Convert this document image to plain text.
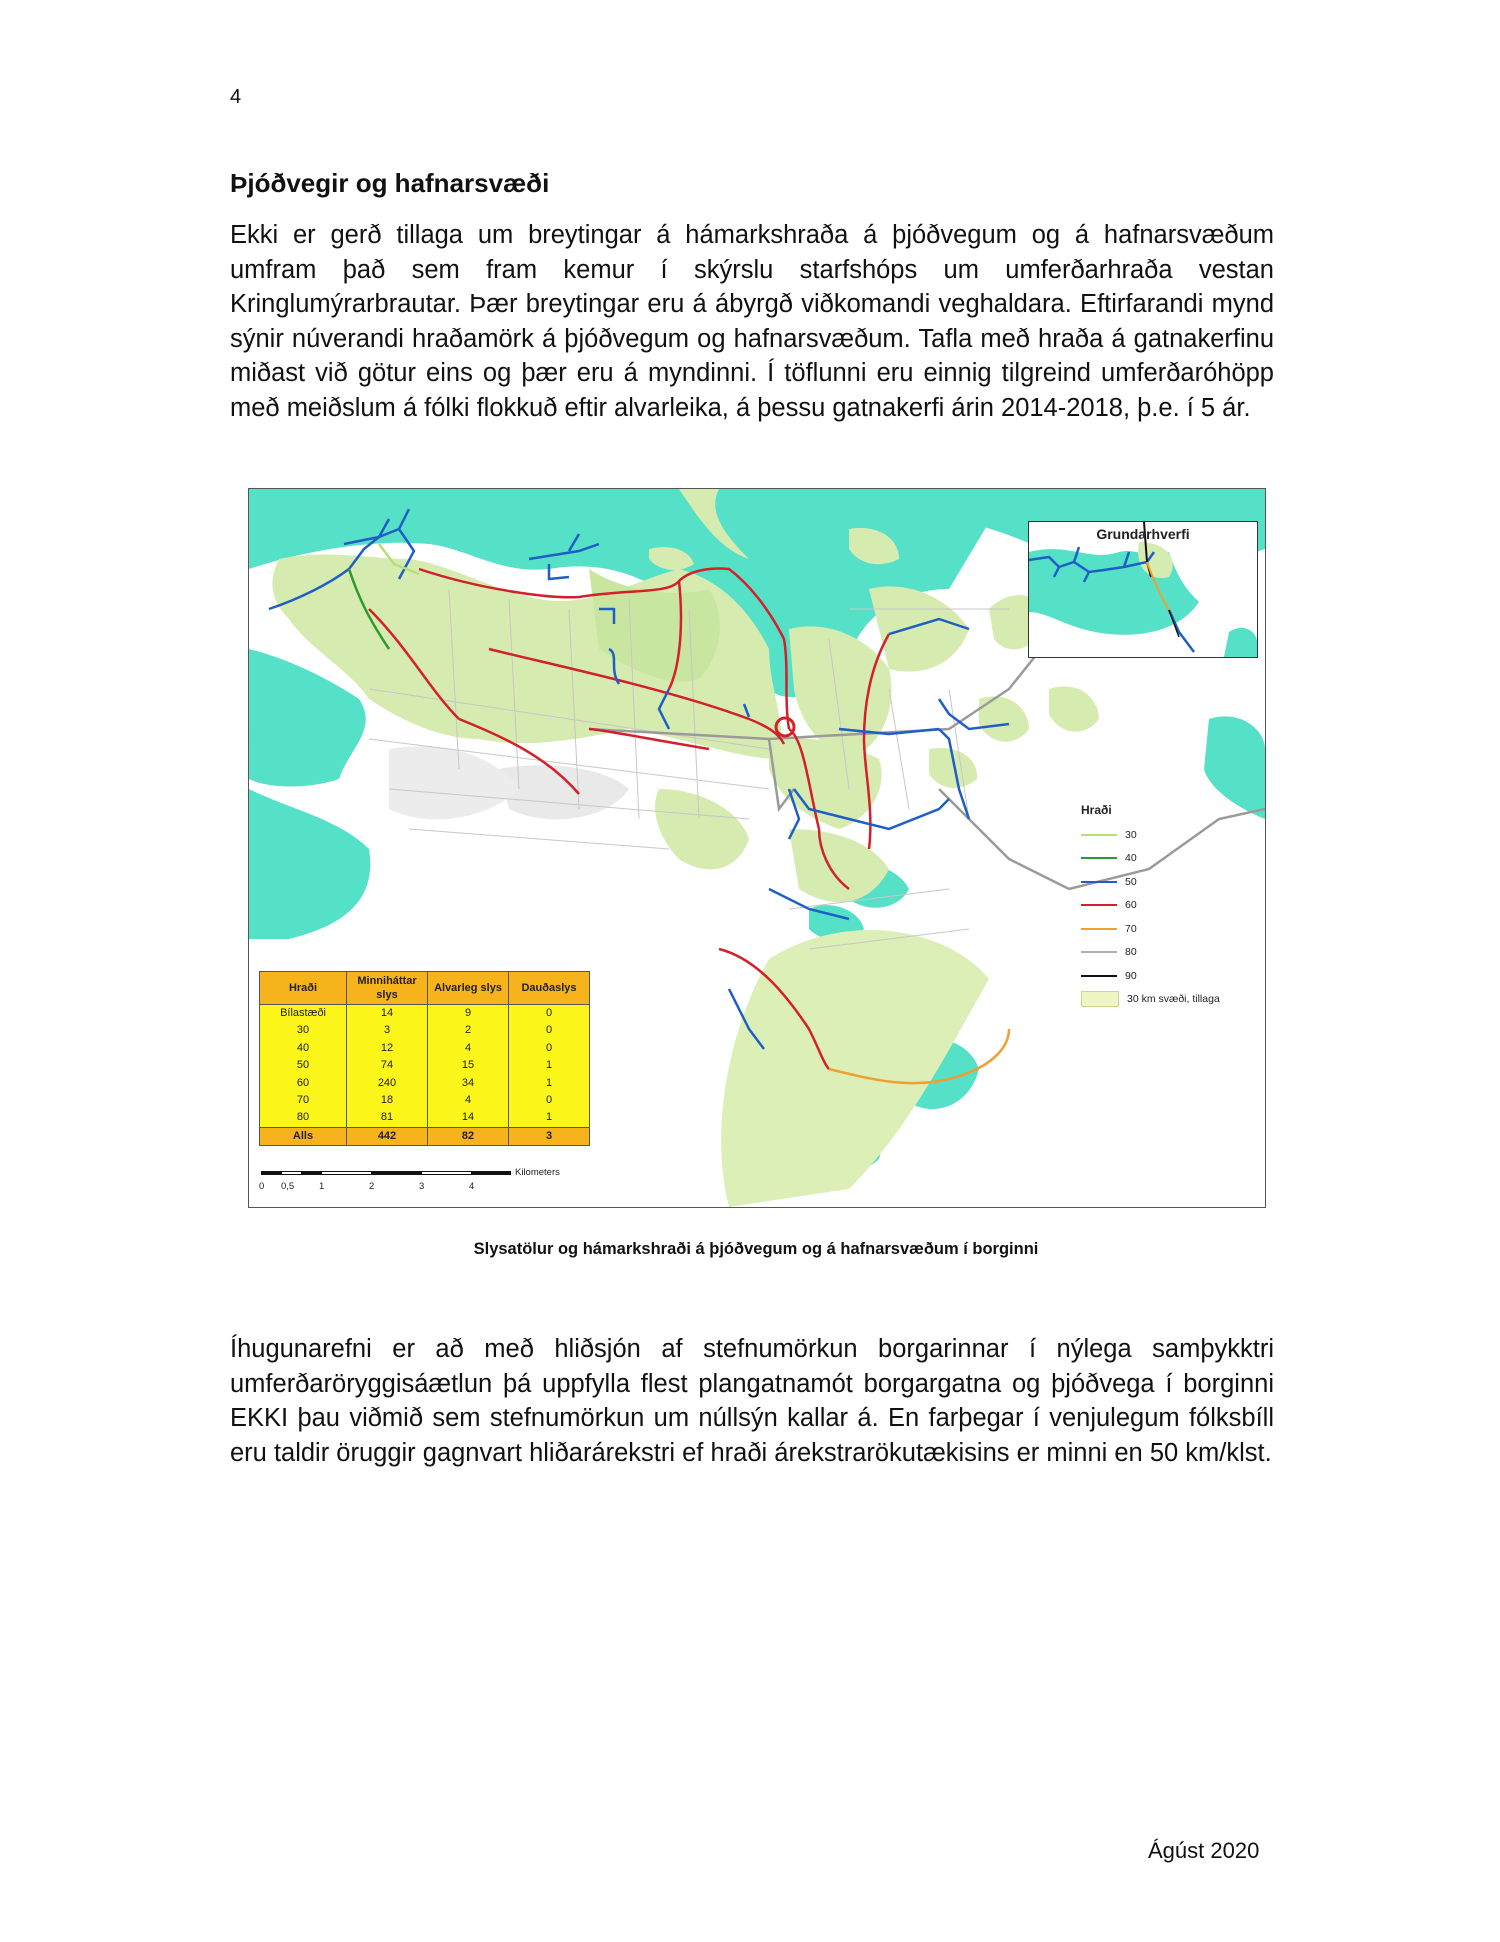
4
Þjóðvegir og hafnarsvæði

Ekki er gerð tillaga um breytingar á hámarkshraða á þjóðvegum og á hafnarsvæðum umfram það sem fram kemur í skýrslu starfshóps um umferðarhraða vestan Kringlumýrarbrautar. Þær breytingar eru á ábyrgð viðkomandi veghaldara. Eftirfarandi mynd sýnir núverandi hraðamörk á þjóðvegum og hafnarsvæðum. Tafla með hraða á gatnakerfinu miðast við götur eins og þær eru á myndinni. Í töflunni eru einnig tilgreind umferðaróhöpp með meiðslum á fólki flokkuð eftir alvarleika, á þessu gatnakerfi árin 2014-2018, þ.e. í 5 ár.

Grundarhverfi
Hraði
30
40
50
60
70
80
90
30 km svæði, tillaga
Hraði	Minniháttar slys	Alvarleg slys	Dauðaslys
Bílastæði	14	9	0
30	3	2	0
40	12	4	0
50	74	15	1
60	240	34	1
70	18	4	0
80	81	14	1
Alls	442	82	3
0 0,5	1	2	3	4
Kilometers
Slysatölur og hámarkshraði á þjóðvegum og á hafnarsvæðum í borginni

Íhugunarefni er að með hliðsjón af stefnumörkun borgarinnar í nýlega samþykktri umferðaröryggisáætlun þá uppfylla flest plangatnamót borgargatna og þjóðvega í borginni EKKI þau viðmið sem stefnumörkun um núllsýn kallar á. En farþegar í venjulegum fólksbíll eru taldir öruggir gagnvart hliðarárekstri ef hraði árekstrarökutækisins er minni en 50 km/klst.

Ágúst 2020
